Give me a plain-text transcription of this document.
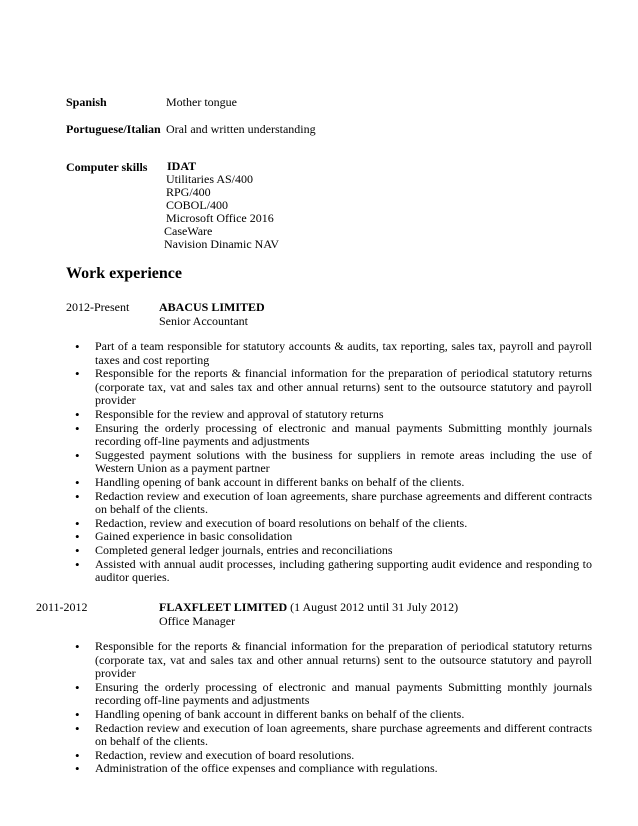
Spanish	Mother tongue
Portuguese/Italian Oral and written understanding
Computer skills IDAT
Utilitaries AS/400
RPG/400
COBOL/400
Microsoft Office 2016
CaseWare
Navision Dinamic NAV
Work experience
2012-Present ABACUS LIMITED
Senior Accountant
• Part of a team responsible for statutory accounts & audits, tax reporting, sales tax, payroll and payroll taxes and cost reporting
• Responsible for the reports & financial information for the preparation of periodical statutory returns (corporate tax, vat and sales tax and other annual returns) sent to the outsource statutory and payroll provider
• Responsible for the review and approval of statutory returns
• Ensuring the orderly processing of electronic and manual payments Submitting monthly journals recording off-line payments and adjustments
• Suggested payment solutions with the business for suppliers in remote areas including the use of Western Union as a payment partner
• Handling opening of bank account in different banks on behalf of the clients.
• Redaction review and execution of loan agreements, share purchase agreements and different contracts on behalf of the clients.
• Redaction, review and execution of board resolutions on behalf of the clients.
• Gained experience in basic consolidation
• Completed general ledger journals, entries and reconciliations
• Assisted with annual audit processes, including gathering supporting audit evidence and responding to auditor queries.
2011-2012	FLAXFLEET LIMITED (1 August 2012 until 31 July 2012)
Office Manager
• Responsible for the reports & financial information for the preparation of periodical statutory returns (corporate tax, vat and sales tax and other annual returns) sent to the outsource statutory and payroll provider
• Ensuring the orderly processing of electronic and manual payments Submitting monthly journals recording off-line payments and adjustments
• Handling opening of bank account in different banks on behalf of the clients.
• Redaction review and execution of loan agreements, share purchase agreements and different contracts on behalf of the clients.
• Redaction, review and execution of board resolutions.
• Administration of the office expenses and compliance with regulations.
